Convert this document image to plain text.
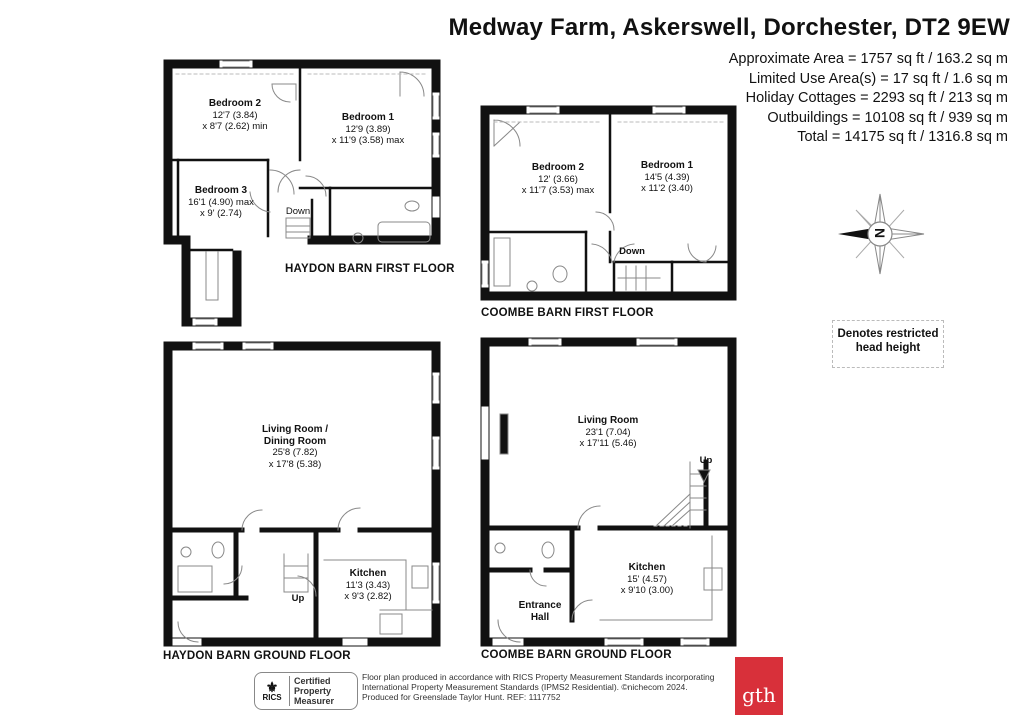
Medway Farm, Askerswell, Dorchester, DT2 9EW
Approximate Area = 1757 sq ft / 163.2 sq m
Limited Use Area(s) = 17 sq ft / 1.6 sq m
Holiday Cottages = 2293 sq ft / 213 sq m
Outbuildings = 10108 sq ft / 939 sq m
Total = 14175 sq ft / 1316.8 sq m
N
Bedroom 2
12'7 (3.84)
x 8'7 (2.62) min
Bedroom 1
12'9 (3.89)
x 11'9 (3.58) max
Bedroom 3
16'1 (4.90) max
x 9' (2.74)	Down
HAYDON BARN FIRST FLOOR
Bedroom 2
12' (3.66)
x 11'7 (3.53) max
Bedroom 1
14'5 (4.39)
x 11'2 (3.40)
Down
COOMBE BARN FIRST FLOOR
Denotes restricted
head height
Living Room /
Dining Room
25'8 (7.82)
x 17'8 (5.38)
Kitchen
11'3 (3.43)
x 9'3 (2.82)
Up
HAYDON BARN GROUND FLOOR
Living Room
23'1 (7.04)
x 17'11 (5.46)
Up
Kitchen
15' (4.57)
x 9'10 (3.00)
Entrance
Hall
COOMBE BARN GROUND FLOOR
⚜
RICS
Certified
Property
Measurer
Floor plan produced in accordance with RICS Property Measurement Standards incorporating
International Property Measurement Standards (IPMS2 Residential). ©nichecom 2024.
Produced for Greenslade Taylor Hunt. REF: 1117752	gth
